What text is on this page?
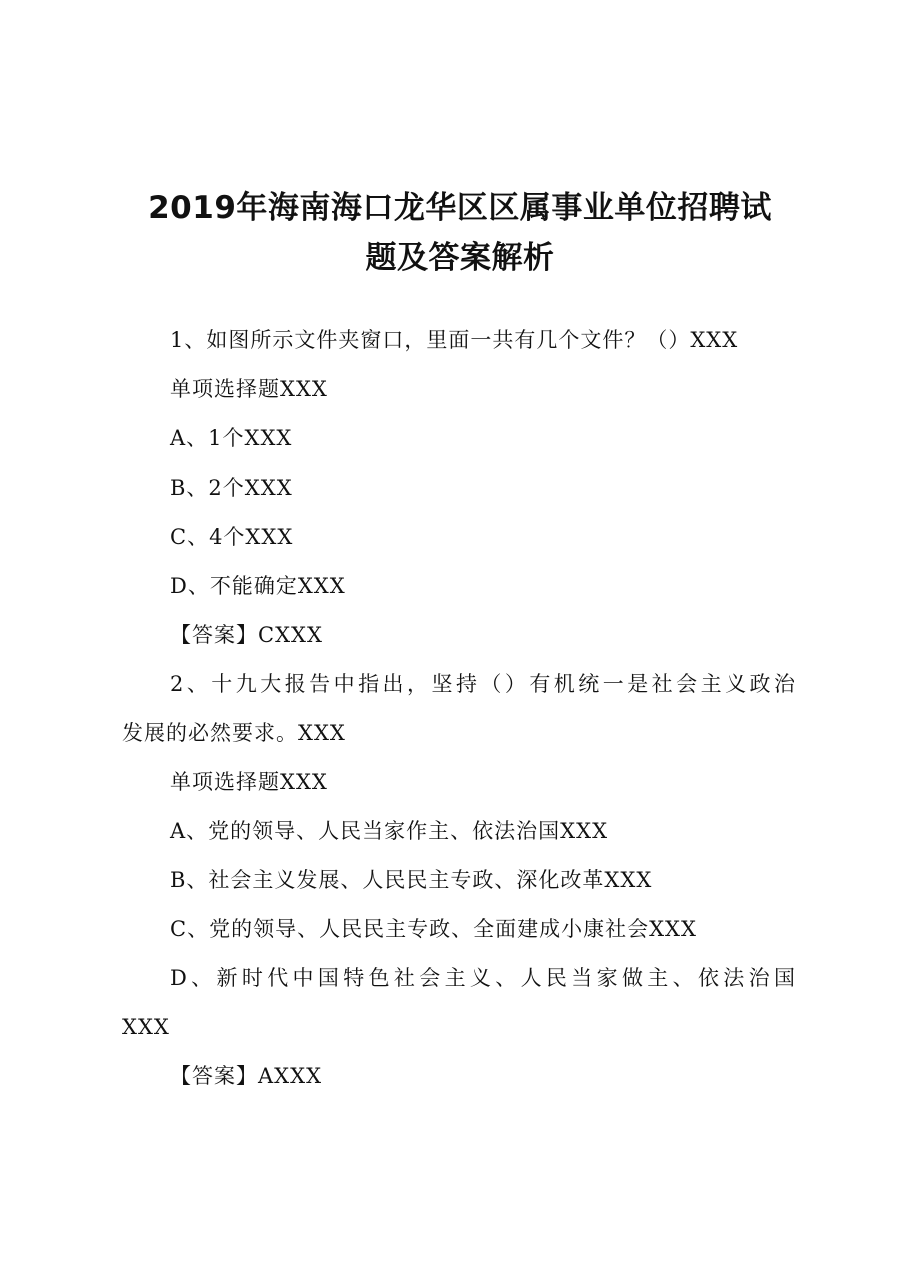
2019年海南海口龙华区区属事业单位招聘试
题及答案解析
1、如图所示文件夹窗口，里面一共有几个文件？（）XXX
单项选择题XXX
A、1个XXX
B、2个XXX
C、4个XXX
D、不能确定XXX
【答案】CXXX
2、十九大报告中指出，坚持（）有机统一是社会主义政治
发展的必然要求。XXX
单项选择题XXX
A、党的领导、人民当家作主、依法治国XXX
B、社会主义发展、人民民主专政、深化改革XXX
C、党的领导、人民民主专政、全面建成小康社会XXX
D、新时代中国特色社会主义、人民当家做主、依法治国
XXX
【答案】AXXX
